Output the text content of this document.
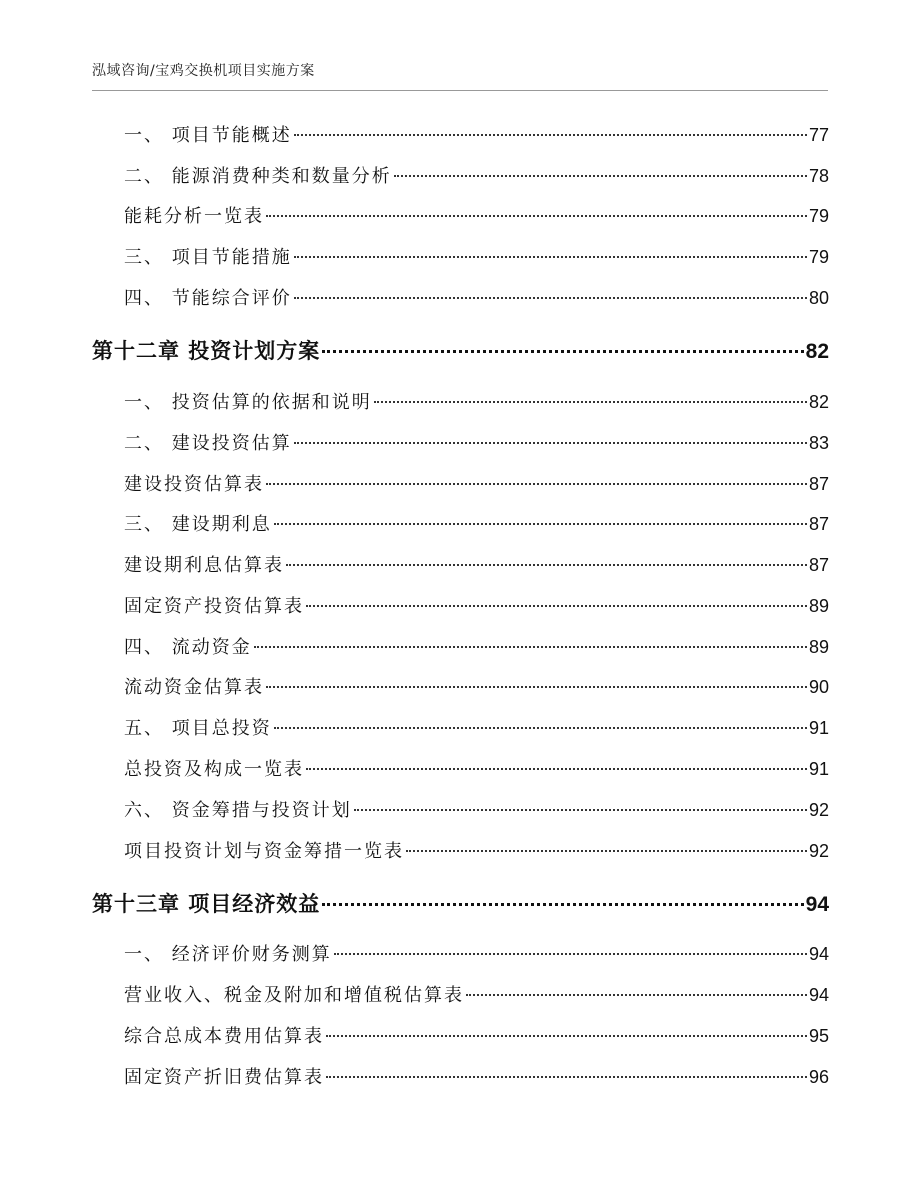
泓域咨询/宝鸡交换机项目实施方案
一、 项目节能概述	77
二、 能源消费种类和数量分析	78
能耗分析一览表	79
三、 项目节能措施	79
四、 节能综合评价	80
第十二章 投资计划方案	82
一、 投资估算的依据和说明	82
二、 建设投资估算	83
建设投资估算表	87
三、 建设期利息	87
建设期利息估算表	87
固定资产投资估算表	89
四、 流动资金	89
流动资金估算表	90
五、 项目总投资	91
总投资及构成一览表	91
六、 资金筹措与投资计划	92
项目投资计划与资金筹措一览表	92
第十三章 项目经济效益	94
一、 经济评价财务测算	94
营业收入、税金及附加和增值税估算表	94
综合总成本费用估算表	95
固定资产折旧费估算表	96
